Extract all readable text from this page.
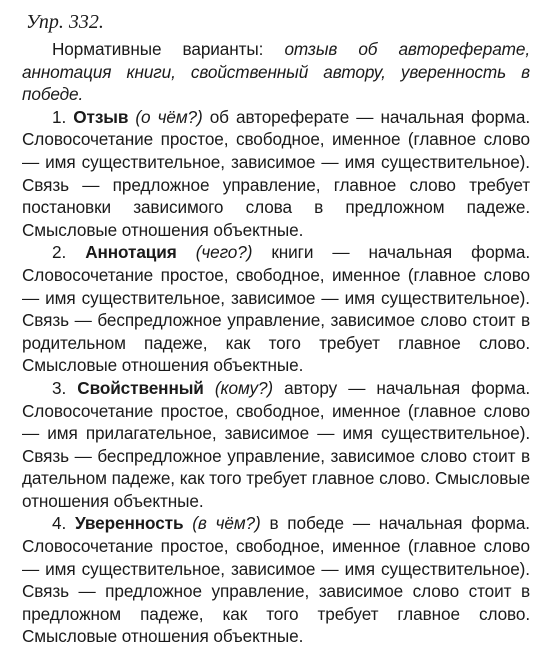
Упр. 332.

Нормативные варианты: отзыв об автореферате, аннотация книги, свойственный автору, уверенность в победе.

1. Отзыв (о чём?) об автореферате — начальная форма. Словосочетание простое, свободное, именное (главное слово — имя существительное, зависимое — имя существительное). Связь — предложное управление, главное слово требует постановки зависимого слова в предложном падеже. Смысловые отношения объектные.

2. Аннотация (чего?) книги — начальная форма. Словосочетание простое, свободное, именное (главное слово — имя существительное, зависимое — имя существительное). Связь — беспредложное управление, зависимое слово стоит в родительном падеже, как того требует главное слово. Смысловые отношения объектные.

3. Свойственный (кому?) автору — начальная форма. Словосочетание простое, свободное, именное (главное слово — имя прилагательное, зависимое — имя существительное). Связь — беспредложное управление, зависимое слово стоит в дательном падеже, как того требует главное слово. Смысловые отношения объектные.

4. Уверенность (в чём?) в победе — начальная форма. Словосочетание простое, свободное, именное (главное слово — имя существительное, зависимое — имя существительное). Связь — предложное управление, зависимое слово стоит в предложном падеже, как того требует главное слово. Смысловые отношения объектные.
